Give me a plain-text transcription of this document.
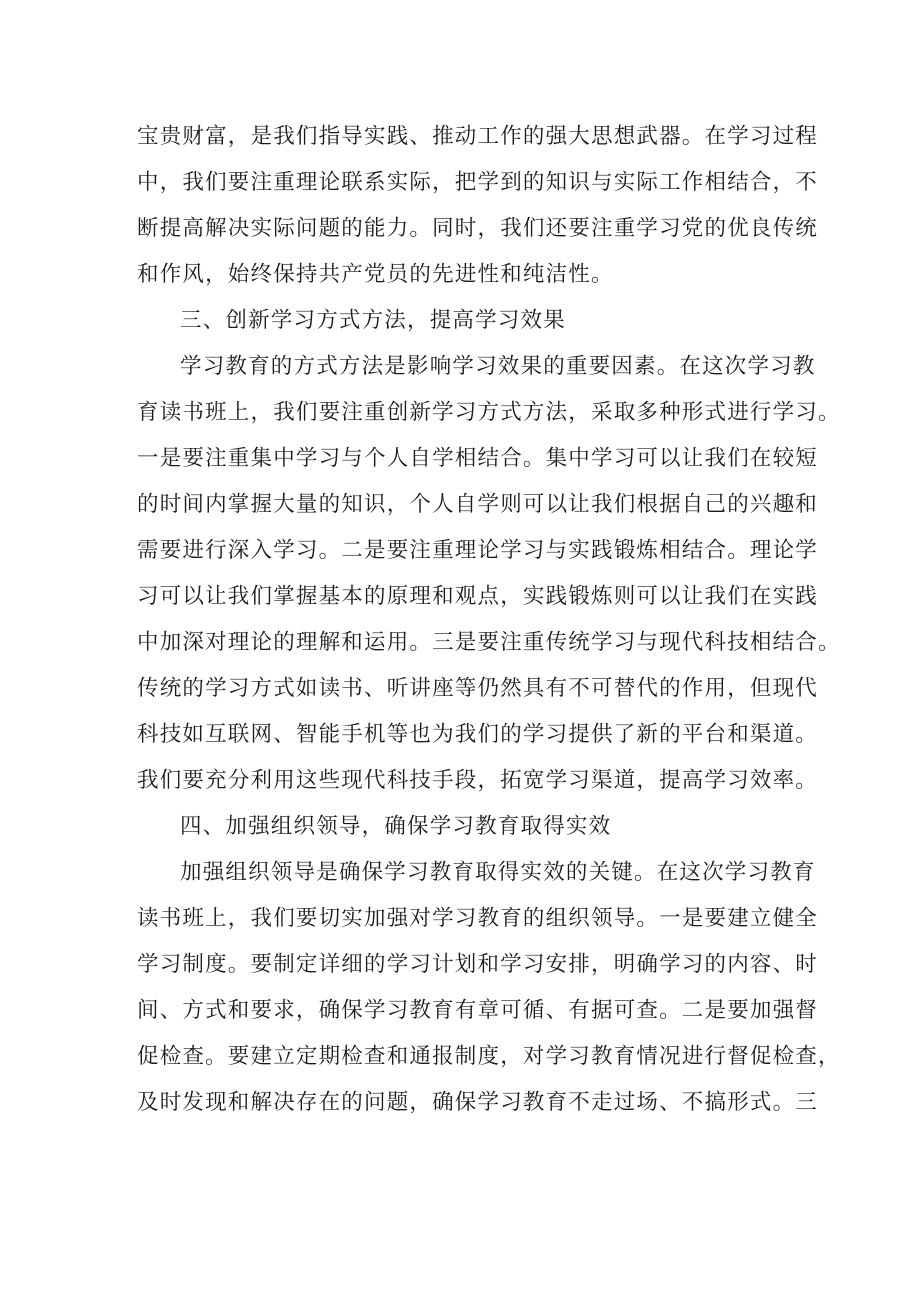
宝贵财富，是我们指导实践、推动工作的强大思想武器。在学习过程
中，我们要注重理论联系实际，把学到的知识与实际工作相结合，不
断提高解决实际问题的能力。同时，我们还要注重学习党的优良传统
和作风，始终保持共产党员的先进性和纯洁性。
三、创新学习方式方法，提高学习效果
学习教育的方式方法是影响学习效果的重要因素。在这次学习教
育读书班上，我们要注重创新学习方式方法，采取多种形式进行学习。
一是要注重集中学习与个人自学相结合。集中学习可以让我们在较短
的时间内掌握大量的知识，个人自学则可以让我们根据自己的兴趣和
需要进行深入学习。二是要注重理论学习与实践锻炼相结合。理论学
习可以让我们掌握基本的原理和观点，实践锻炼则可以让我们在实践
中加深对理论的理解和运用。三是要注重传统学习与现代科技相结合。
传统的学习方式如读书、听讲座等仍然具有不可替代的作用，但现代
科技如互联网、智能手机等也为我们的学习提供了新的平台和渠道。
我们要充分利用这些现代科技手段，拓宽学习渠道，提高学习效率。
四、加强组织领导，确保学习教育取得实效
加强组织领导是确保学习教育取得实效的关键。在这次学习教育
读书班上，我们要切实加强对学习教育的组织领导。一是要建立健全
学习制度。要制定详细的学习计划和学习安排，明确学习的内容、时
间、方式和要求，确保学习教育有章可循、有据可查。二是要加强督
促检查。要建立定期检查和通报制度，对学习教育情况进行督促检查，
及时发现和解决存在的问题，确保学习教育不走过场、不搞形式。三
